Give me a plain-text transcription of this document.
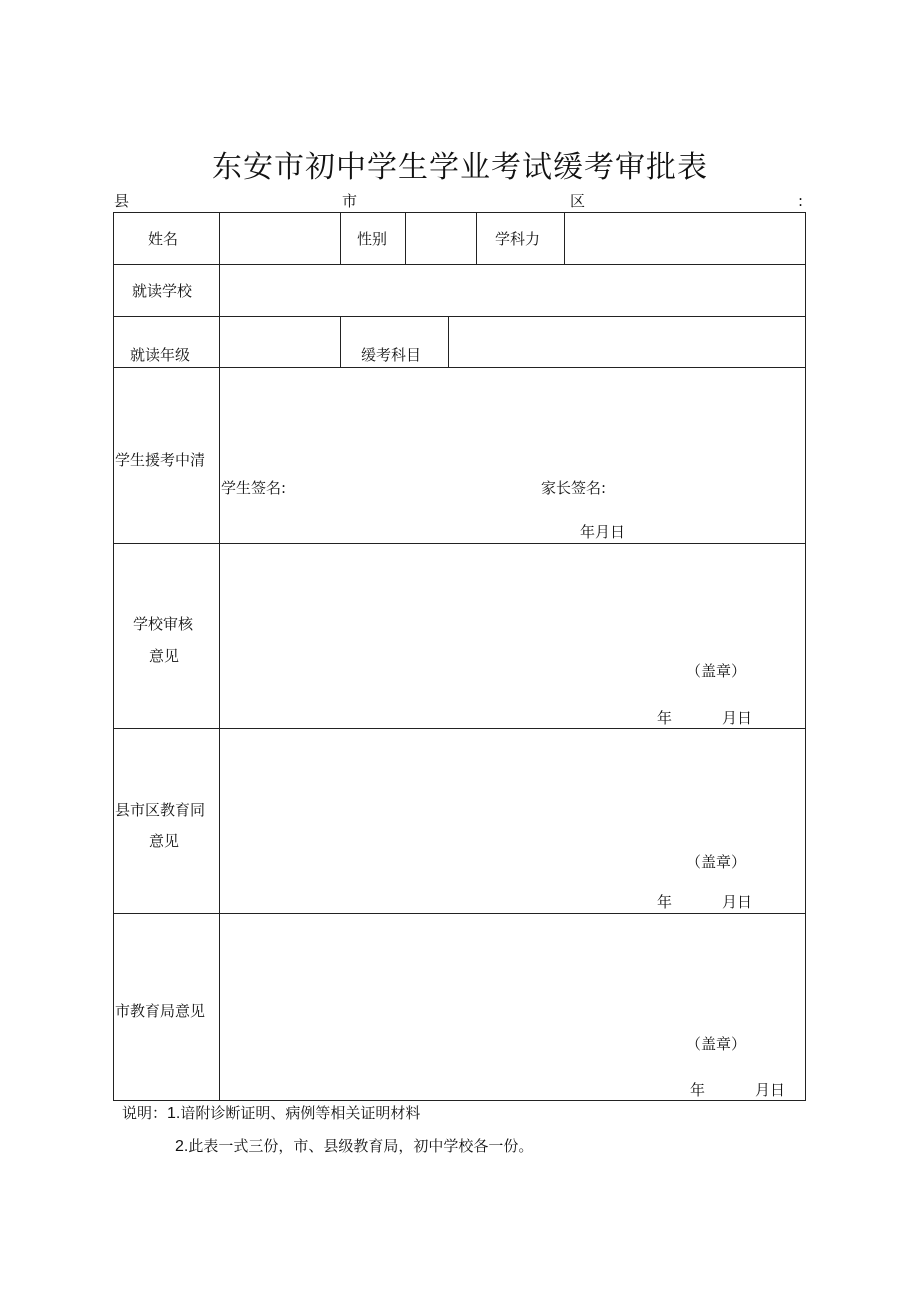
东安市初中学生学业考试缓考审批表
县	市	区	:
姓名	性别	学科力
就读学校
就读年级	缓考科目
学生援考中清
学生签名:	家长签名:
年月日
学校审核
意见
（盖章）
年	月日
县市区教育同
意见
（盖章）
年	月日
市教育局意见
（盖章）
年	月日
说明：1.谙附诊断证明、病例等相关证明材料
2.此表一式三份，市、县级教育局，初中学校各一份。
